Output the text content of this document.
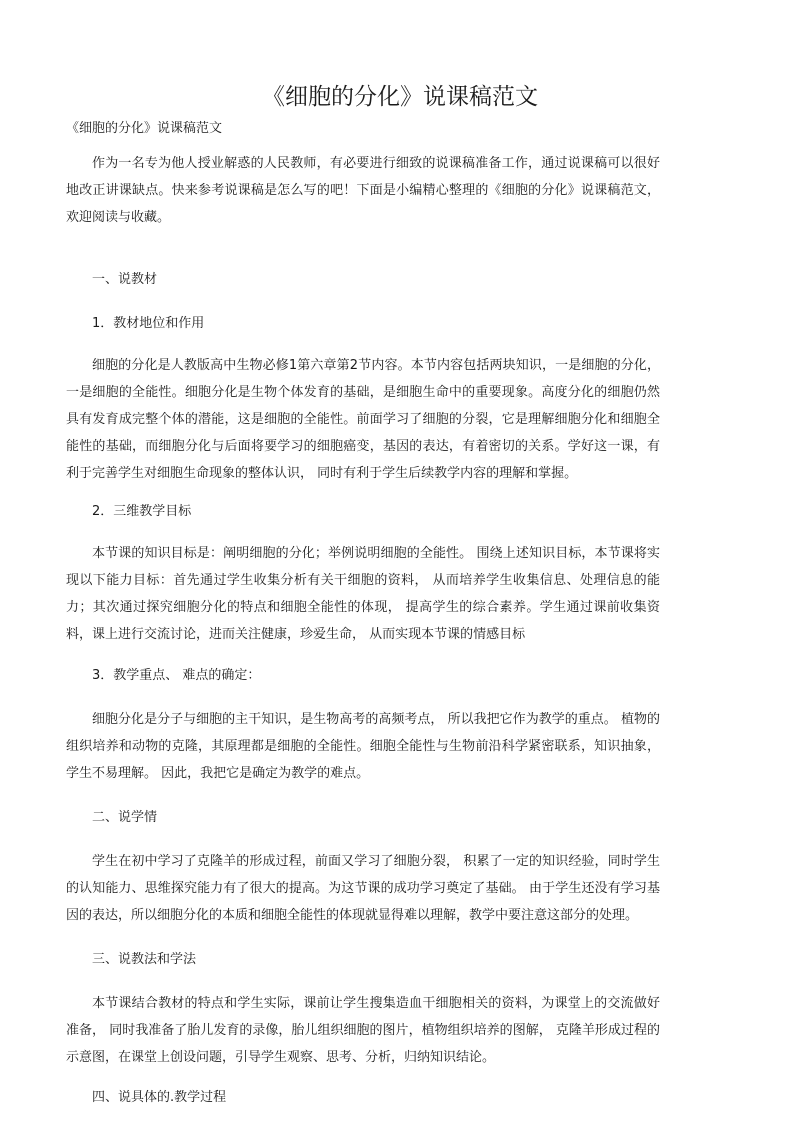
《细胞的分化》说课稿范文
《细胞的分化》说课稿范文
作为一名专为他人授业解惑的人民教师，有必要进行细致的说课稿准备工作，通过说课稿可以很好地改正讲课缺点。快来参考说课稿是怎么写的吧！下面是小编精心整理的《细胞的分化》说课稿范文，欢迎阅读与收藏。
一、说教材
1．教材地位和作用
细胞的分化是人教版高中生物必修1第六章第2节内容。本节内容包括两块知识，一是细胞的分化，一是细胞的全能性。细胞分化是生物个体发育的基础，是细胞生命中的重要现象。高度分化的细胞仍然具有发育成完整个体的潜能，这是细胞的全能性。前面学习了细胞的分裂，它是理解细胞分化和细胞全能性的基础，而细胞分化与后面将要学习的细胞癌变，基因的表达，有着密切的关系。学好这一课，有利于完善学生对细胞生命现象的整体认识， 同时有利于学生后续教学内容的理解和掌握。
2．三维教学目标
本节课的知识目标是：阐明细胞的分化；举例说明细胞的全能性。 围绕上述知识目标，本节课将实现以下能力目标：首先通过学生收集分析有关干细胞的资料， 从而培养学生收集信息、处理信息的能力；其次通过探究细胞分化的特点和细胞全能性的体现， 提高学生的综合素养。学生通过课前收集资料，课上进行交流讨论，进而关注健康，珍爱生命， 从而实现本节课的情感目标
3．教学重点、 难点的确定：
细胞分化是分子与细胞的主干知识，是生物高考的高频考点， 所以我把它作为教学的重点。 植物的组织培养和动物的克隆，其原理都是细胞的全能性。细胞全能性与生物前沿科学紧密联系，知识抽象，学生不易理解。 因此，我把它是确定为教学的难点。
二、说学情
学生在初中学习了克隆羊的形成过程，前面又学习了细胞分裂， 积累了一定的知识经验，同时学生的认知能力、思维探究能力有了很大的提高。为这节课的成功学习奠定了基础。 由于学生还没有学习基因的表达，所以细胞分化的本质和细胞全能性的体现就显得难以理解，教学中要注意这部分的处理。
三、说教法和学法
本节课结合教材的特点和学生实际，课前让学生搜集造血干细胞相关的资料，为课堂上的交流做好准备， 同时我准备了胎儿发育的录像，胎儿组织细胞的图片，植物组织培养的图解， 克隆羊形成过程的示意图，在课堂上创设问题，引导学生观察、思考、分析，归纳知识结论。
四、说具体的.教学过程
